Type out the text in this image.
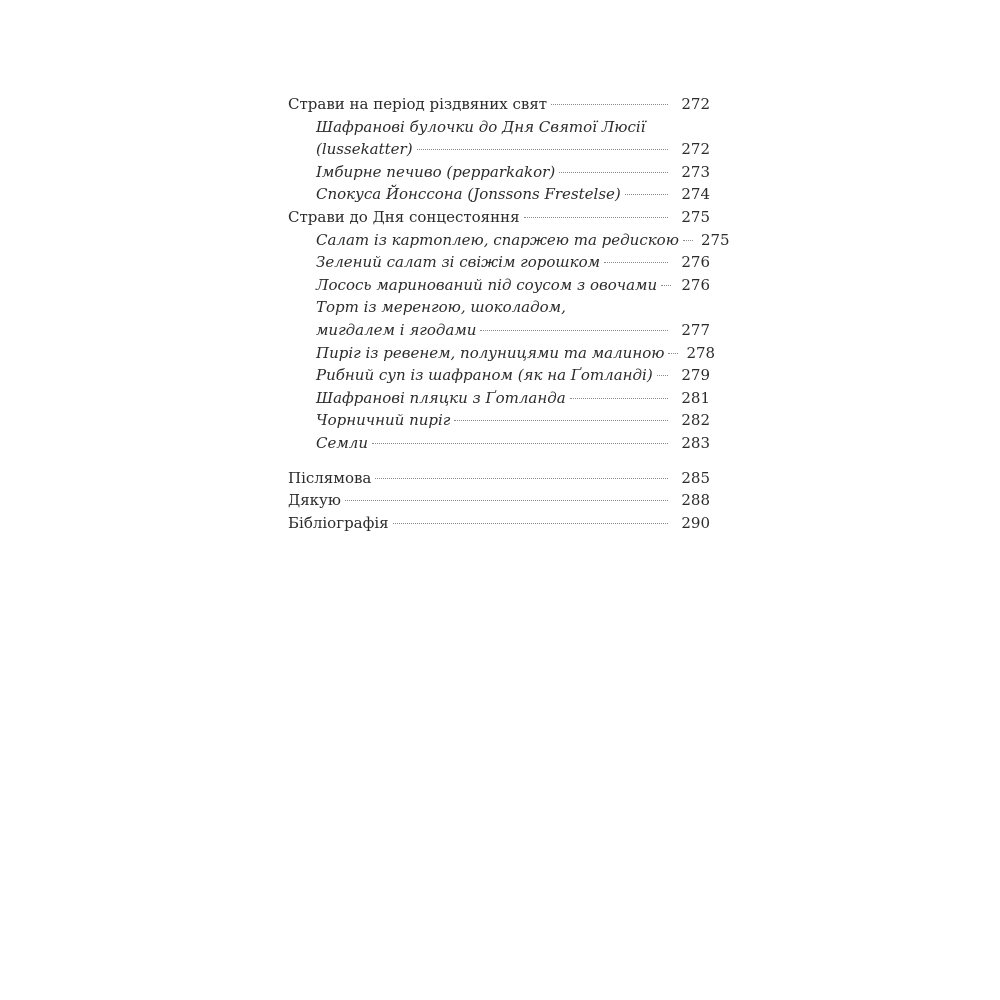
Страви на період різдвяних свят	272
Шафранові булочки до Дня Святої Люсії
(lussekatter)	272
Імбирне печиво (pepparkakor)	273
Спокуса Йонссона (Jonssons Frestelse)	274
Страви до Дня сонцестояння	275
Салат із картоплею, спаржею та редискою 275
Зелений салат зі свіжім горошком	276
Лосось маринований під соусом з овочами 276
Торт із меренгою, шоколадом,
мигдалем і ягодами	277
Пиріг із ревенем, полуницями та малиною 278
Рибний суп із шафраном (як на Ґотланді)	279
Шафранові пляцки з Ґотланда	281
Чорничний пиріг	282
Семли	283
Післямова	285
Дякую	288
Бібліографія	290
